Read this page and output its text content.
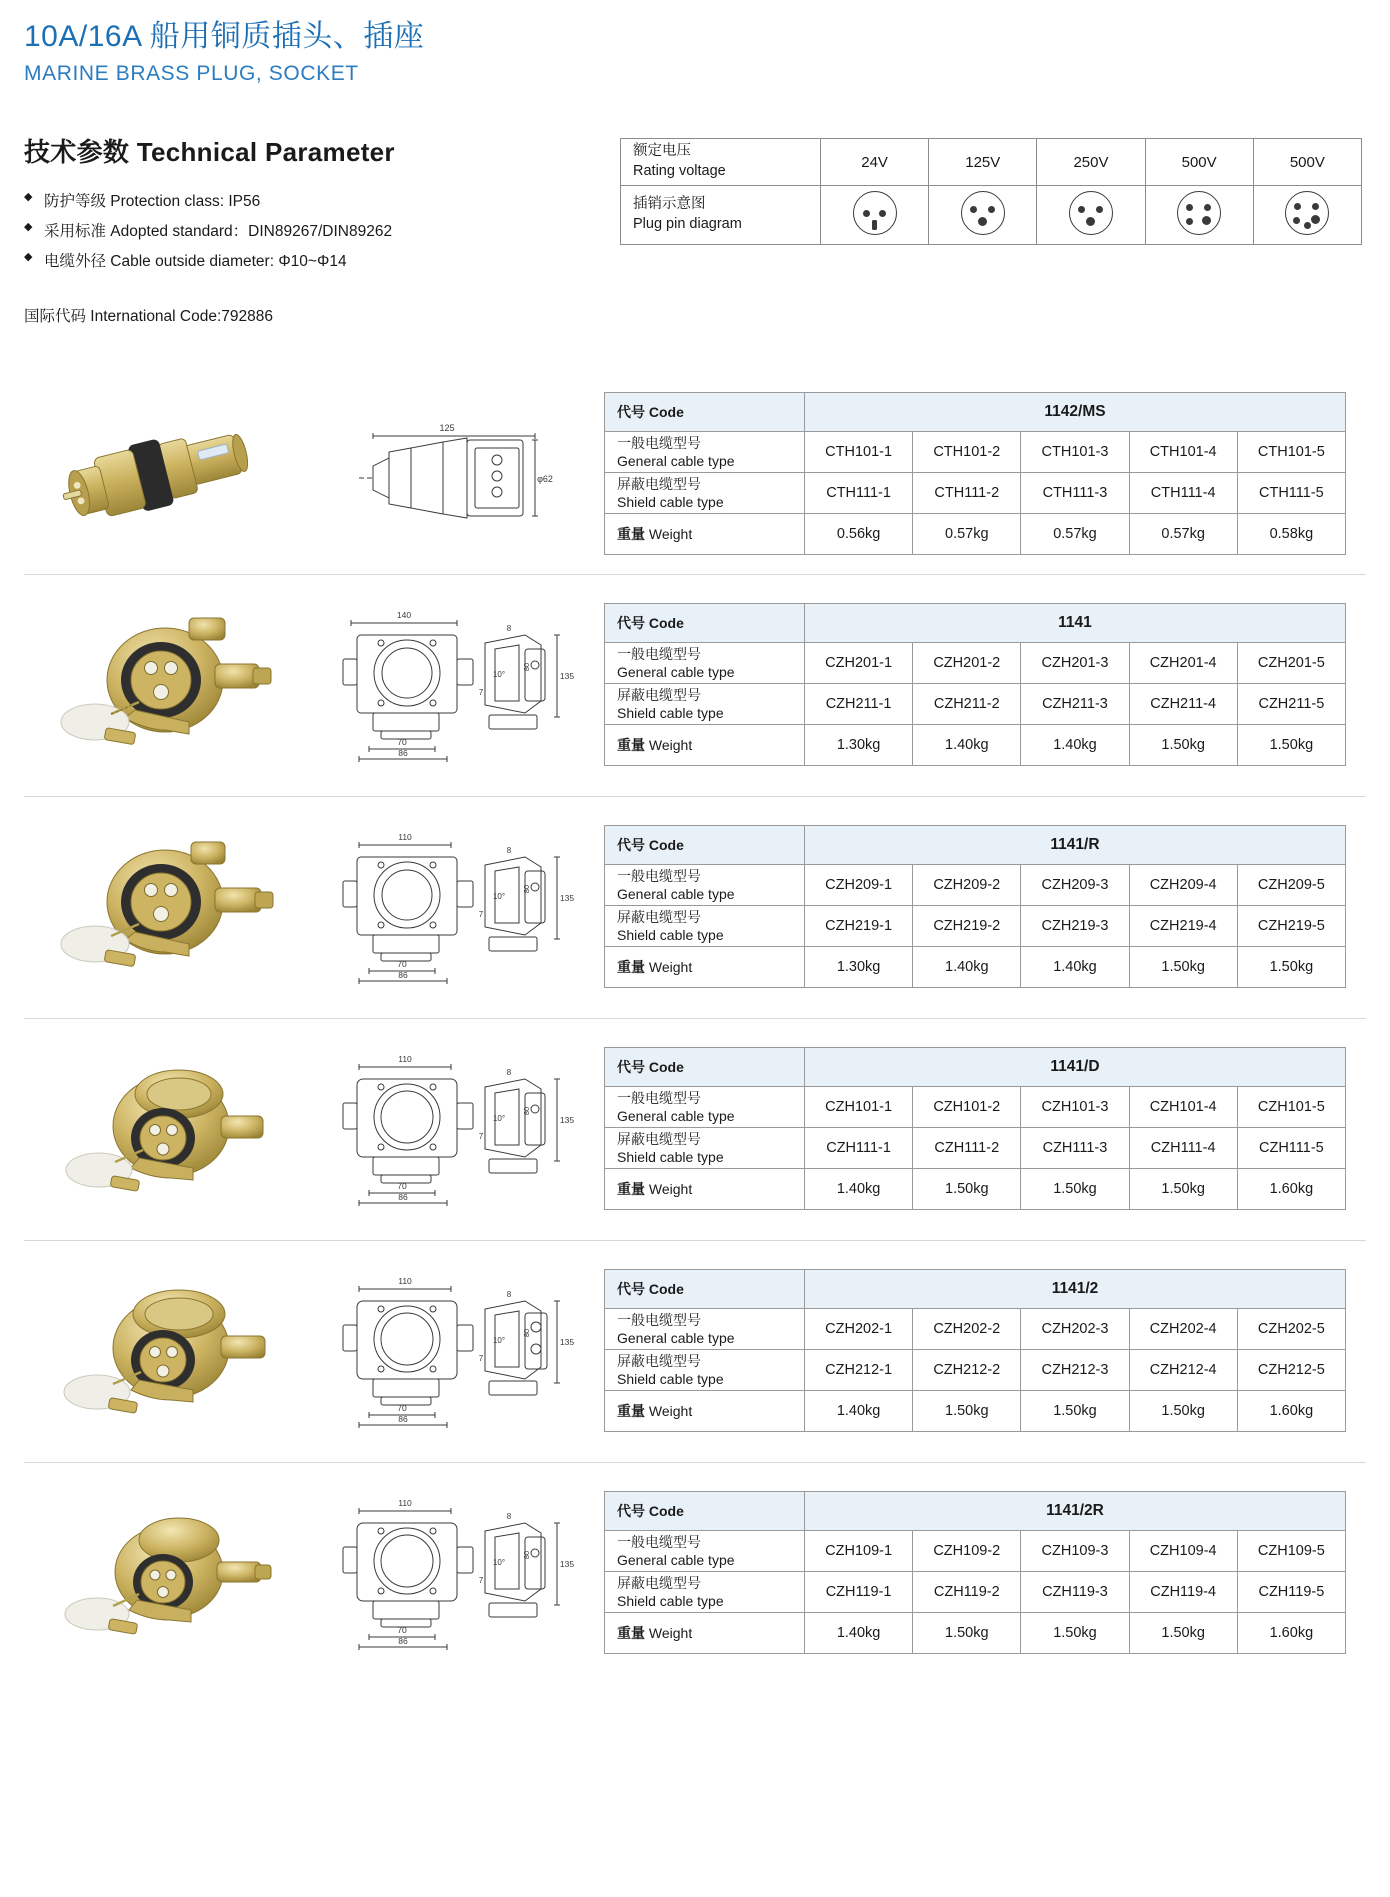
10A/16A 船用铜质插头、插座
MARINE BRASS PLUG, SOCKET
技术参数 Technical Parameter
◆ 防护等级 Protection class: IP56
◆ 采用标准 Adopted standard：DIN89267/DIN89262
◆ 电缆外径 Cable outside diameter: Φ10~Φ14
国际代码 International Code:792886
额定电压
Rating voltage	24V	125V	250V	500V	500V

插销示意图
Plug pin diagram					

125
φ62
代号 Code	1142/MS				

一般电缆型号
General cable type	CTH101-1	CTH101-2	CTH101-3	CTH101-4	CTH101-5

屏蔽电缆型号
Shield cable type	CTH111-1	CTH111-2	CTH111-3	CTH111-4	CTH111-5
重量 Weight	0.56kg	0.57kg	0.57kg	0.57kg	0.58kg
140
70
86
8
80
10°
7
135
代号 Code	1141				

一般电缆型号
General cable type	CZH201-1	CZH201-2	CZH201-3	CZH201-4	CZH201-5

屏蔽电缆型号
Shield cable type	CZH211-1	CZH211-2	CZH211-3	CZH211-4	CZH211-5
重量 Weight	1.30kg	1.40kg	1.40kg	1.50kg	1.50kg
110
70
86
8
80
10°
7
135
代号 Code	1141/R				

一般电缆型号
General cable type	CZH209-1	CZH209-2	CZH209-3	CZH209-4	CZH209-5

屏蔽电缆型号
Shield cable type	CZH219-1	CZH219-2	CZH219-3	CZH219-4	CZH219-5
重量 Weight	1.30kg	1.40kg	1.40kg	1.50kg	1.50kg
110
70
86
8
80
10°
7
135
代号 Code	1141/D				

一般电缆型号
General cable type	CZH101-1	CZH101-2	CZH101-3	CZH101-4	CZH101-5

屏蔽电缆型号
Shield cable type	CZH111-1	CZH111-2	CZH111-3	CZH111-4	CZH111-5
重量 Weight	1.40kg	1.50kg	1.50kg	1.50kg	1.60kg
110
70
86
8
80
10°
7
135
代号 Code	1141/2				

一般电缆型号
General cable type	CZH202-1	CZH202-2	CZH202-3	CZH202-4	CZH202-5

屏蔽电缆型号
Shield cable type	CZH212-1	CZH212-2	CZH212-3	CZH212-4	CZH212-5
重量 Weight	1.40kg	1.50kg	1.50kg	1.50kg	1.60kg
110
70
86
8
80
10°
7
135
代号 Code	1141/2R				

一般电缆型号
General cable type	CZH109-1	CZH109-2	CZH109-3	CZH109-4	CZH109-5

屏蔽电缆型号
Shield cable type	CZH119-1	CZH119-2	CZH119-3	CZH119-4	CZH119-5
重量 Weight	1.40kg	1.50kg	1.50kg	1.50kg	1.60kg
